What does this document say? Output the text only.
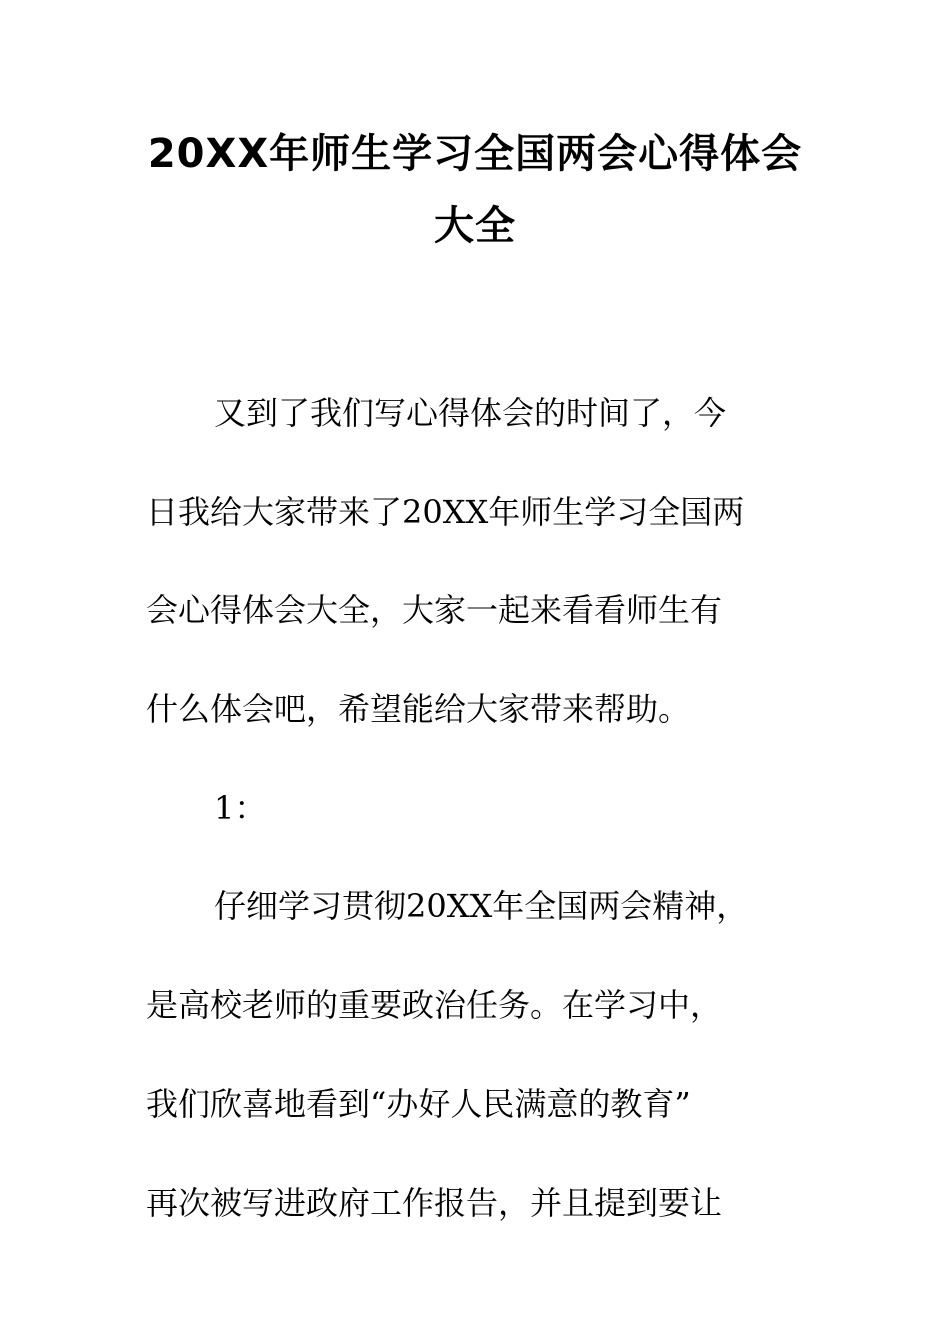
20XX年师生学习全国两会心得体会
大全
又到了我们写心得体会的时间了，今
日我给大家带来了20XX年师生学习全国两
会心得体会大全，大家一起来看看师生有
什么体会吧，希望能给大家带来帮助。
1：
仔细学习贯彻20XX年全国两会精神，
是高校老师的重要政治任务。在学习中，
我们欣喜地看到“办好人民满意的教育”
再次被写进政府工作报告，并且提到要让
